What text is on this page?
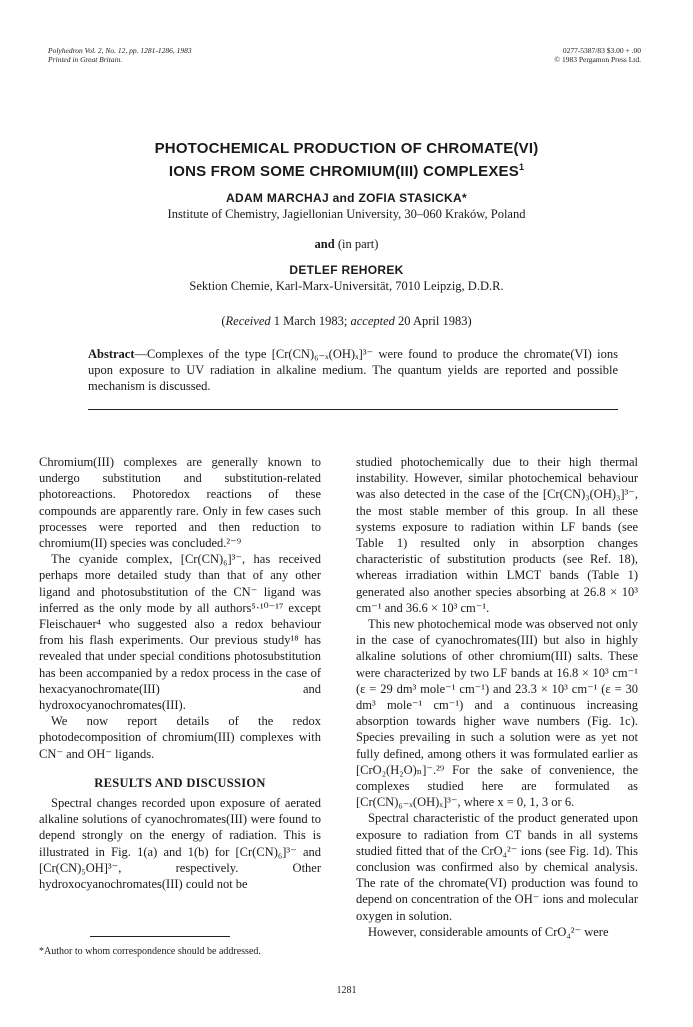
Polyhedron Vol. 2, No. 12, pp. 1281-1286, 1983
Printed in Great Britain.
0277-5387/83 $3.00 + .00
© 1983 Pergamon Press Ltd.
PHOTOCHEMICAL PRODUCTION OF CHROMATE(VI)
IONS FROM SOME CHROMIUM(III) COMPLEXES$^1$
ADAM MARCHAJ and ZOFIA STASICKA*
Institute of Chemistry, Jagiellonian University, 30–060 Kraków, Poland
and (in part)
DETLEF REHOREK
Sektion Chemie, Karl-Marx-Universität, 7010 Leipzig, D.D.R.
(Received 1 March 1983; accepted 20 April 1983)
Abstract—Complexes of the type [Cr(CN)₆₋ₓ(OH)ₓ]³⁻ were found to produce the chromate(VI) ions upon exposure to UV radiation in alkaline medium. The quantum yields are reported and possible mechanism is discussed.

Chromium(III) complexes are generally known to undergo substitution and substitution-related photoreactions. Photoredox reactions of these compounds are apparently rare. Only in few cases such processes were reported and then reduction to chromium(II) species was concluded.²⁻⁹

The cyanide complex, [Cr(CN)₆]³⁻, has received perhaps more detailed study than that of any other ligand and photosubstitution of the CN⁻ ligand was inferred as the only mode by all authors⁵·¹⁰⁻¹⁷ except Fleischauer⁴ who suggested also a redox behaviour from his flash experiments. Our previous study¹⁸ has revealed that under special conditions photosubstitution has been accompanied by a redox process in the case of hexacyanochromate(III) and hydroxocyanochromates(III).

We now report details of the redox photodecomposition of chromium(III) complexes with CN⁻ and OH⁻ ligands.

RESULTS AND DISCUSSION

Spectral changes recorded upon exposure of aerated alkaline solutions of cyanochromates(III) were found to depend strongly on the energy of radiation. This is illustrated in Fig. 1(a) and 1(b) for [Cr(CN)₆]³⁻ and [Cr(CN)₅OH]³⁻, respectively. Other hydroxocyanochromates(III) could not be

studied photochemically due to their high thermal instability. However, similar photochemical behaviour was also detected in the case of the [Cr(CN)₃(OH)₃]³⁻, the most stable member of this group. In all these systems exposure to radiation within LF bands (see Table 1) resulted only in absorption changes characteristic of substitution products (see Ref. 18), whereas irradiation within LMCT bands (Table 1) generated also another species absorbing at 26.8 × 10³ cm⁻¹ and 36.6 × 10³ cm⁻¹.

This new photochemical mode was observed not only in the case of cyanochromates(III) but also in highly alkaline solutions of other chromium(III) salts. These were characterized by two LF bands at 16.8 × 10³ cm⁻¹ (ε = 29 dm³ mole⁻¹ cm⁻¹) and 23.3 × 10³ cm⁻¹ (ε = 30 dm³ mole⁻¹ cm⁻¹) and a continuous increasing absorption towards higher wave numbers (Fig. 1c). Species prevailing in such a solution were as yet not fully defined, among others it was formulated earlier as [CrO₂(H₂O)ₙ]⁻.²⁹ For the sake of convenience, the complexes studied here are formulated as [Cr(CN)₆₋ₓ(OH)ₓ]³⁻, where x = 0, 1, 3 or 6.

Spectral characteristic of the product generated upon exposure to radiation from CT bands in all systems studied fitted that of the CrO₄²⁻ ions (see Fig. 1d). This conclusion was confirmed also by chemical analysis. The rate of the chromate(VI) production was found to depend on concentration of the OH⁻ ions and molecular oxygen in solution.

However, considerable amounts of CrO₄²⁻ were

*Author to whom correspondence should be addressed.
1281
